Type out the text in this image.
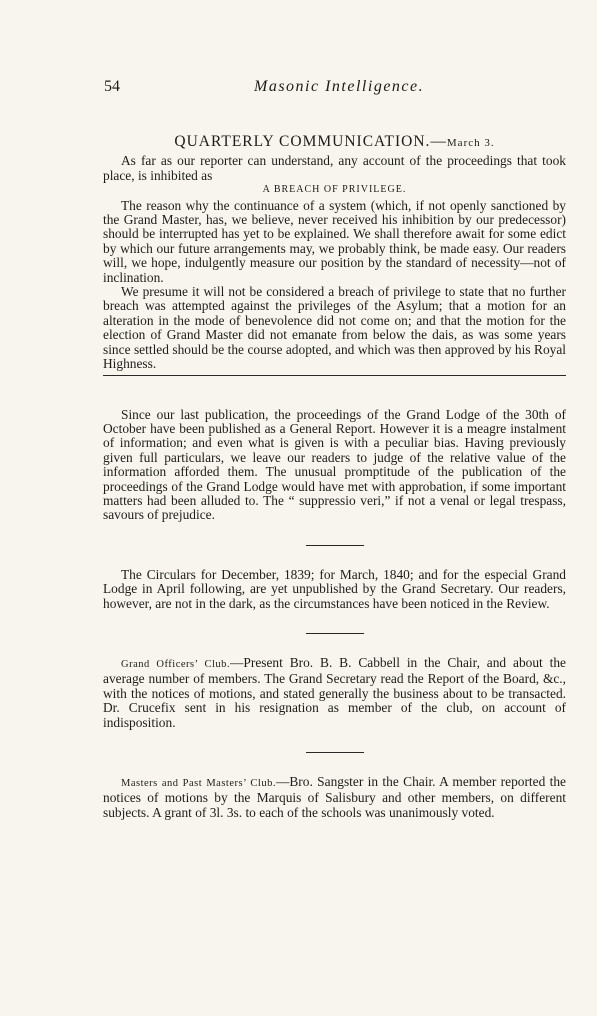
54	Masonic Intelligence.
QUARTERLY COMMUNICATION.—March 3.

As far as our reporter can understand, any account of the proceedings that took place, is inhibited as

A BREACH OF PRIVILEGE.

The reason why the continuance of a system (which, if not openly sanctioned by the Grand Master, has, we believe, never received his inhibition by our predecessor) should be interrupted has yet to be explained. We shall therefore await for some edict by which our future arrangements may, we probably think, be made easy. Our readers will, we hope, indulgently measure our position by the standard of necessity—not of inclination.

We presume it will not be considered a breach of privilege to state that no further breach was attempted against the privileges of the Asylum; that a motion for an alteration in the mode of benevolence did not come on; and that the motion for the election of Grand Master did not emanate from below the dais, as was some years since settled should be the course adopted, and which was then approved by his Royal Highness.

Since our last publication, the proceedings of the Grand Lodge of the 30th of October have been published as a General Report. However it is a meagre instalment of information; and even what is given is with a peculiar bias. Having previously given full particulars, we leave our readers to judge of the relative value of the information afforded them. The unusual promptitude of the publication of the proceedings of the Grand Lodge would have met with approbation, if some important matters had been alluded to. The “ suppressio veri,” if not a venal or legal trespass, savours of prejudice.

The Circulars for December, 1839; for March, 1840; and for the especial Grand Lodge in April following, are yet unpublished by the Grand Secretary. Our readers, however, are not in the dark, as the circumstances have been noticed in the Review.

Grand Officers’ Club.—Present Bro. B. B. Cabbell in the Chair, and about the average number of members. The Grand Secretary read the Report of the Board, &c., with the notices of motions, and stated generally the business about to be transacted. Dr. Crucefix sent in his resignation as member of the club, on account of indisposition.

Masters and Past Masters’ Club.—Bro. Sangster in the Chair. A member reported the notices of motions by the Marquis of Salisbury and other members, on different subjects. A grant of 3l. 3s. to each of the schools was unanimously voted.
